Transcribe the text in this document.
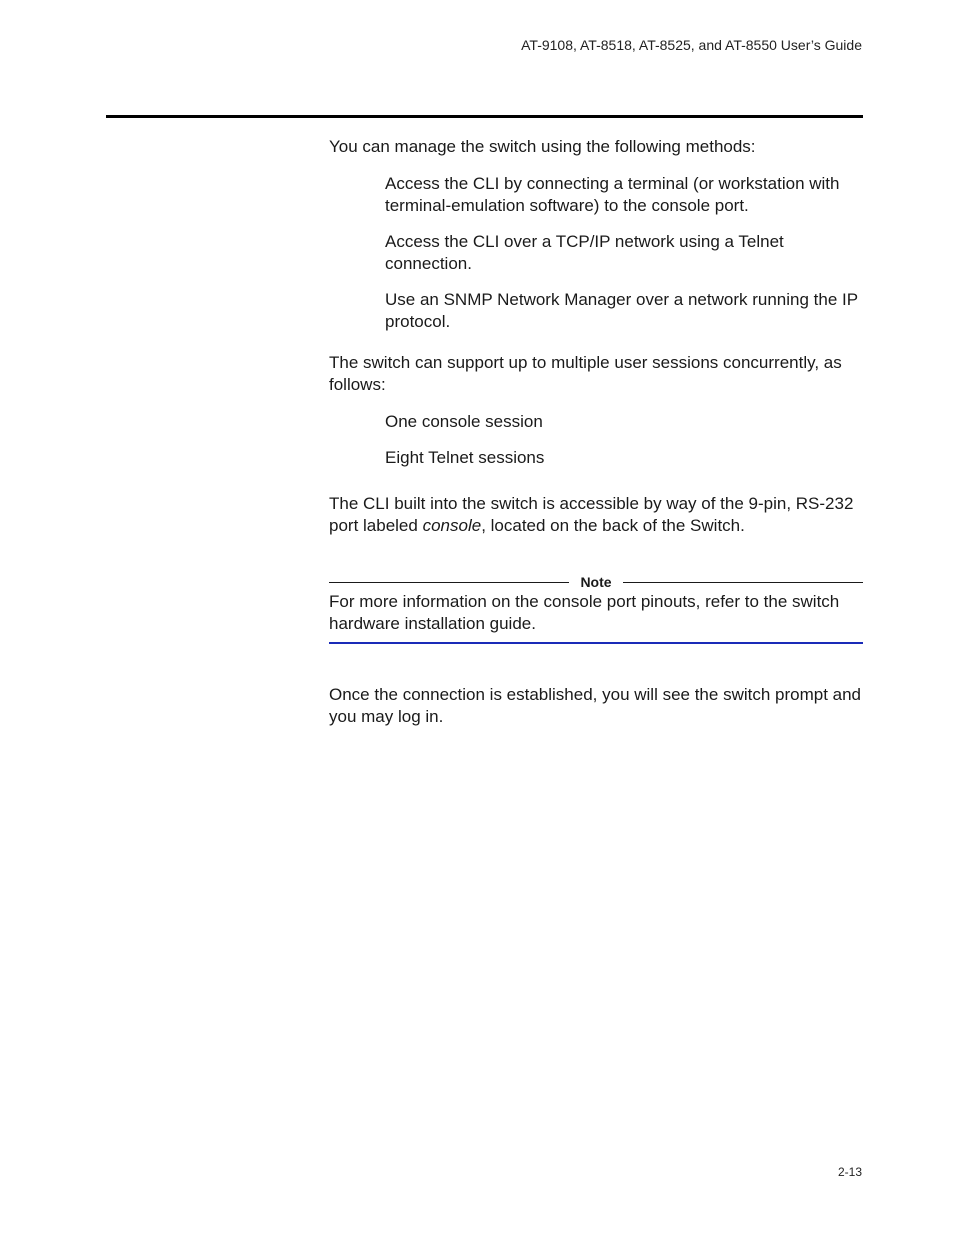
AT-9108, AT-8518, AT-8525, and AT-8550 User’s Guide

You can manage the switch using the following methods:

Access the CLI by connecting a terminal (or workstation with terminal-emulation software) to the console port.
Access the CLI over a TCP/IP network using a Telnet connection.
Use an SNMP Network Manager over a network running the IP protocol.

The switch can support up to multiple user sessions concurrently, as follows:

One console session
Eight Telnet sessions

The CLI built into the switch is accessible by way of the 9-pin, RS-232 port labeled console, located on the back of the Switch.

Note

For more information on the console port pinouts, refer to the switch hardware installation guide.

Once the connection is established, you will see the switch prompt and you may log in.

2-13
